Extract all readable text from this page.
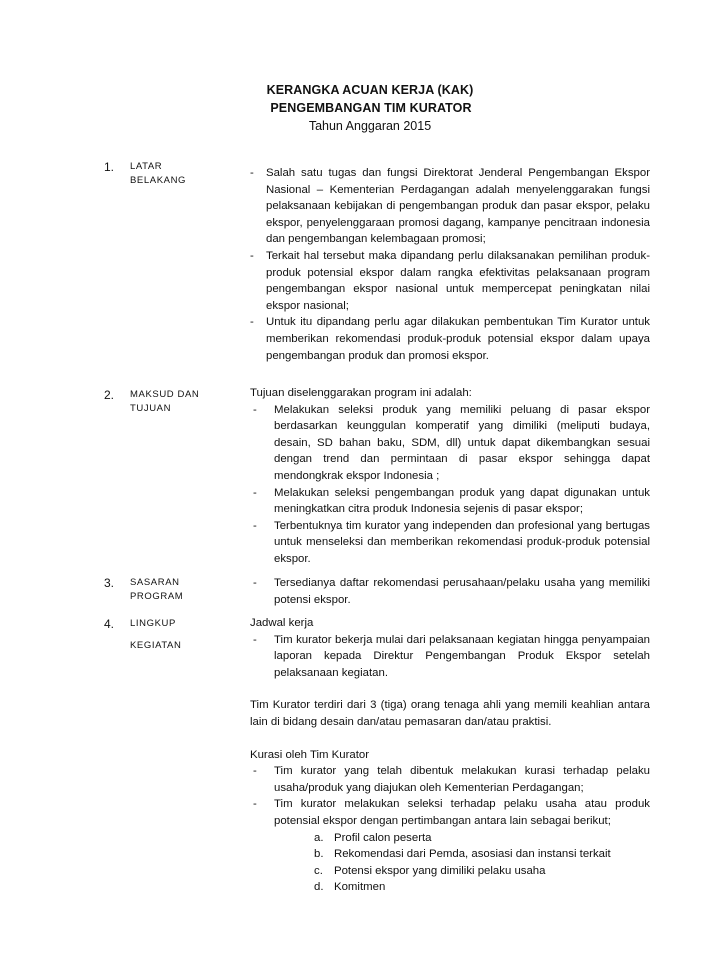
KERANGKA ACUAN KERJA (KAK)
PENGEMBANGAN TIM KURATOR
Tahun Anggaran 2015
1. LATAR
BELAKANG
- Salah satu tugas dan fungsi Direktorat Jenderal Pengembangan Ekspor Nasional – Kementerian Perdagangan adalah menyelenggarakan fungsi pelaksanaan kebijakan di pengembangan produk dan pasar ekspor, pelaku ekspor, penyelenggaraan promosi dagang, kampanye pencitraan indonesia dan pengembangan kelembagaan promosi;
- Terkait hal tersebut maka dipandang perlu dilaksanakan pemilihan produk-produk potensial ekspor dalam rangka efektivitas pelaksanaan program pengembangan ekspor nasional untuk mempercepat peningkatan nilai ekspor nasional;
- Untuk itu dipandang perlu agar dilakukan pembentukan Tim Kurator untuk memberikan rekomendasi produk-produk potensial ekspor dalam upaya pengembangan produk dan promosi ekspor.
2. MAKSUD DAN
TUJUAN
Tujuan diselenggarakan program ini adalah:
- Melakukan seleksi produk yang memiliki peluang di pasar ekspor berdasarkan keunggulan komperatif yang dimiliki (meliputi budaya, desain, SD bahan baku, SDM, dll) untuk dapat dikembangkan sesuai dengan trend dan permintaan di pasar ekspor sehingga dapat mendongkrak ekspor Indonesia ;
- Melakukan seleksi pengembangan produk yang dapat digunakan untuk meningkatkan citra produk Indonesia sejenis di pasar ekspor;
- Terbentuknya tim kurator yang independen dan profesional yang bertugas untuk menseleksi dan memberikan rekomendasi produk-produk potensial ekspor.
3. SASARAN
PROGRAM
- Tersedianya daftar rekomendasi perusahaan/pelaku usaha yang memiliki potensi ekspor.
4. LINGKUP
KEGIATAN
Jadwal kerja
- Tim kurator bekerja mulai dari pelaksanaan kegiatan hingga penyampaian laporan kepada Direktur Pengembangan Produk Ekspor setelah pelaksanaan kegiatan.
Tim Kurator terdiri dari 3 (tiga) orang tenaga ahli yang memili keahlian antara lain di bidang desain dan/atau pemasaran dan/atau praktisi.
Kurasi oleh Tim Kurator
- Tim kurator yang telah dibentuk melakukan kurasi terhadap pelaku usaha/produk yang diajukan oleh Kementerian Perdagangan;
- Tim kurator melakukan seleksi terhadap pelaku usaha atau produk potensial ekspor dengan pertimbangan antara lain sebagai berikut;
a. Profil calon peserta
b. Rekomendasi dari Pemda, asosiasi dan instansi terkait
c. Potensi ekspor yang dimiliki pelaku usaha
d. Komitmen
